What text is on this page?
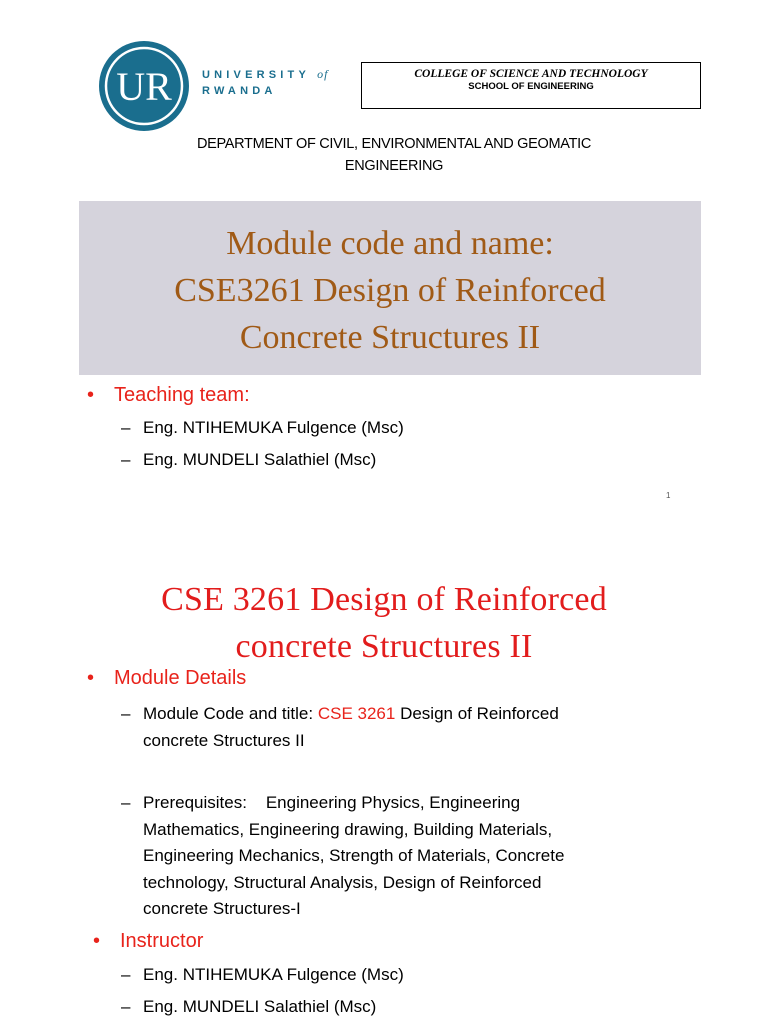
UR	UNIVERSITY of
RWANDA
COLLEGE OF SCIENCE AND TECHNOLOGY
SCHOOL OF ENGINEERING
DEPARTMENT OF CIVIL, ENVIRONMENTAL AND GEOMATIC
ENGINEERING
Module code and name:
CSE3261 Design of Reinforced
Concrete Structures II
• Teaching team:
– Eng. NTIHEMUKA Fulgence (Msc)
– Eng. MUNDELI Salathiel (Msc)
1
CSE 3261 Design of Reinforced
concrete Structures II
• Module Details
– Module Code and title: CSE 3261 Design of Reinforced
concrete Structures II
– Prerequisites:    Engineering Physics, Engineering
Mathematics, Engineering drawing, Building Materials,
Engineering Mechanics, Strength of Materials, Concrete
technology, Structural Analysis, Design of Reinforced
concrete Structures-I
• Instructor
– Eng. NTIHEMUKA Fulgence (Msc)
– Eng. MUNDELI Salathiel (Msc)
